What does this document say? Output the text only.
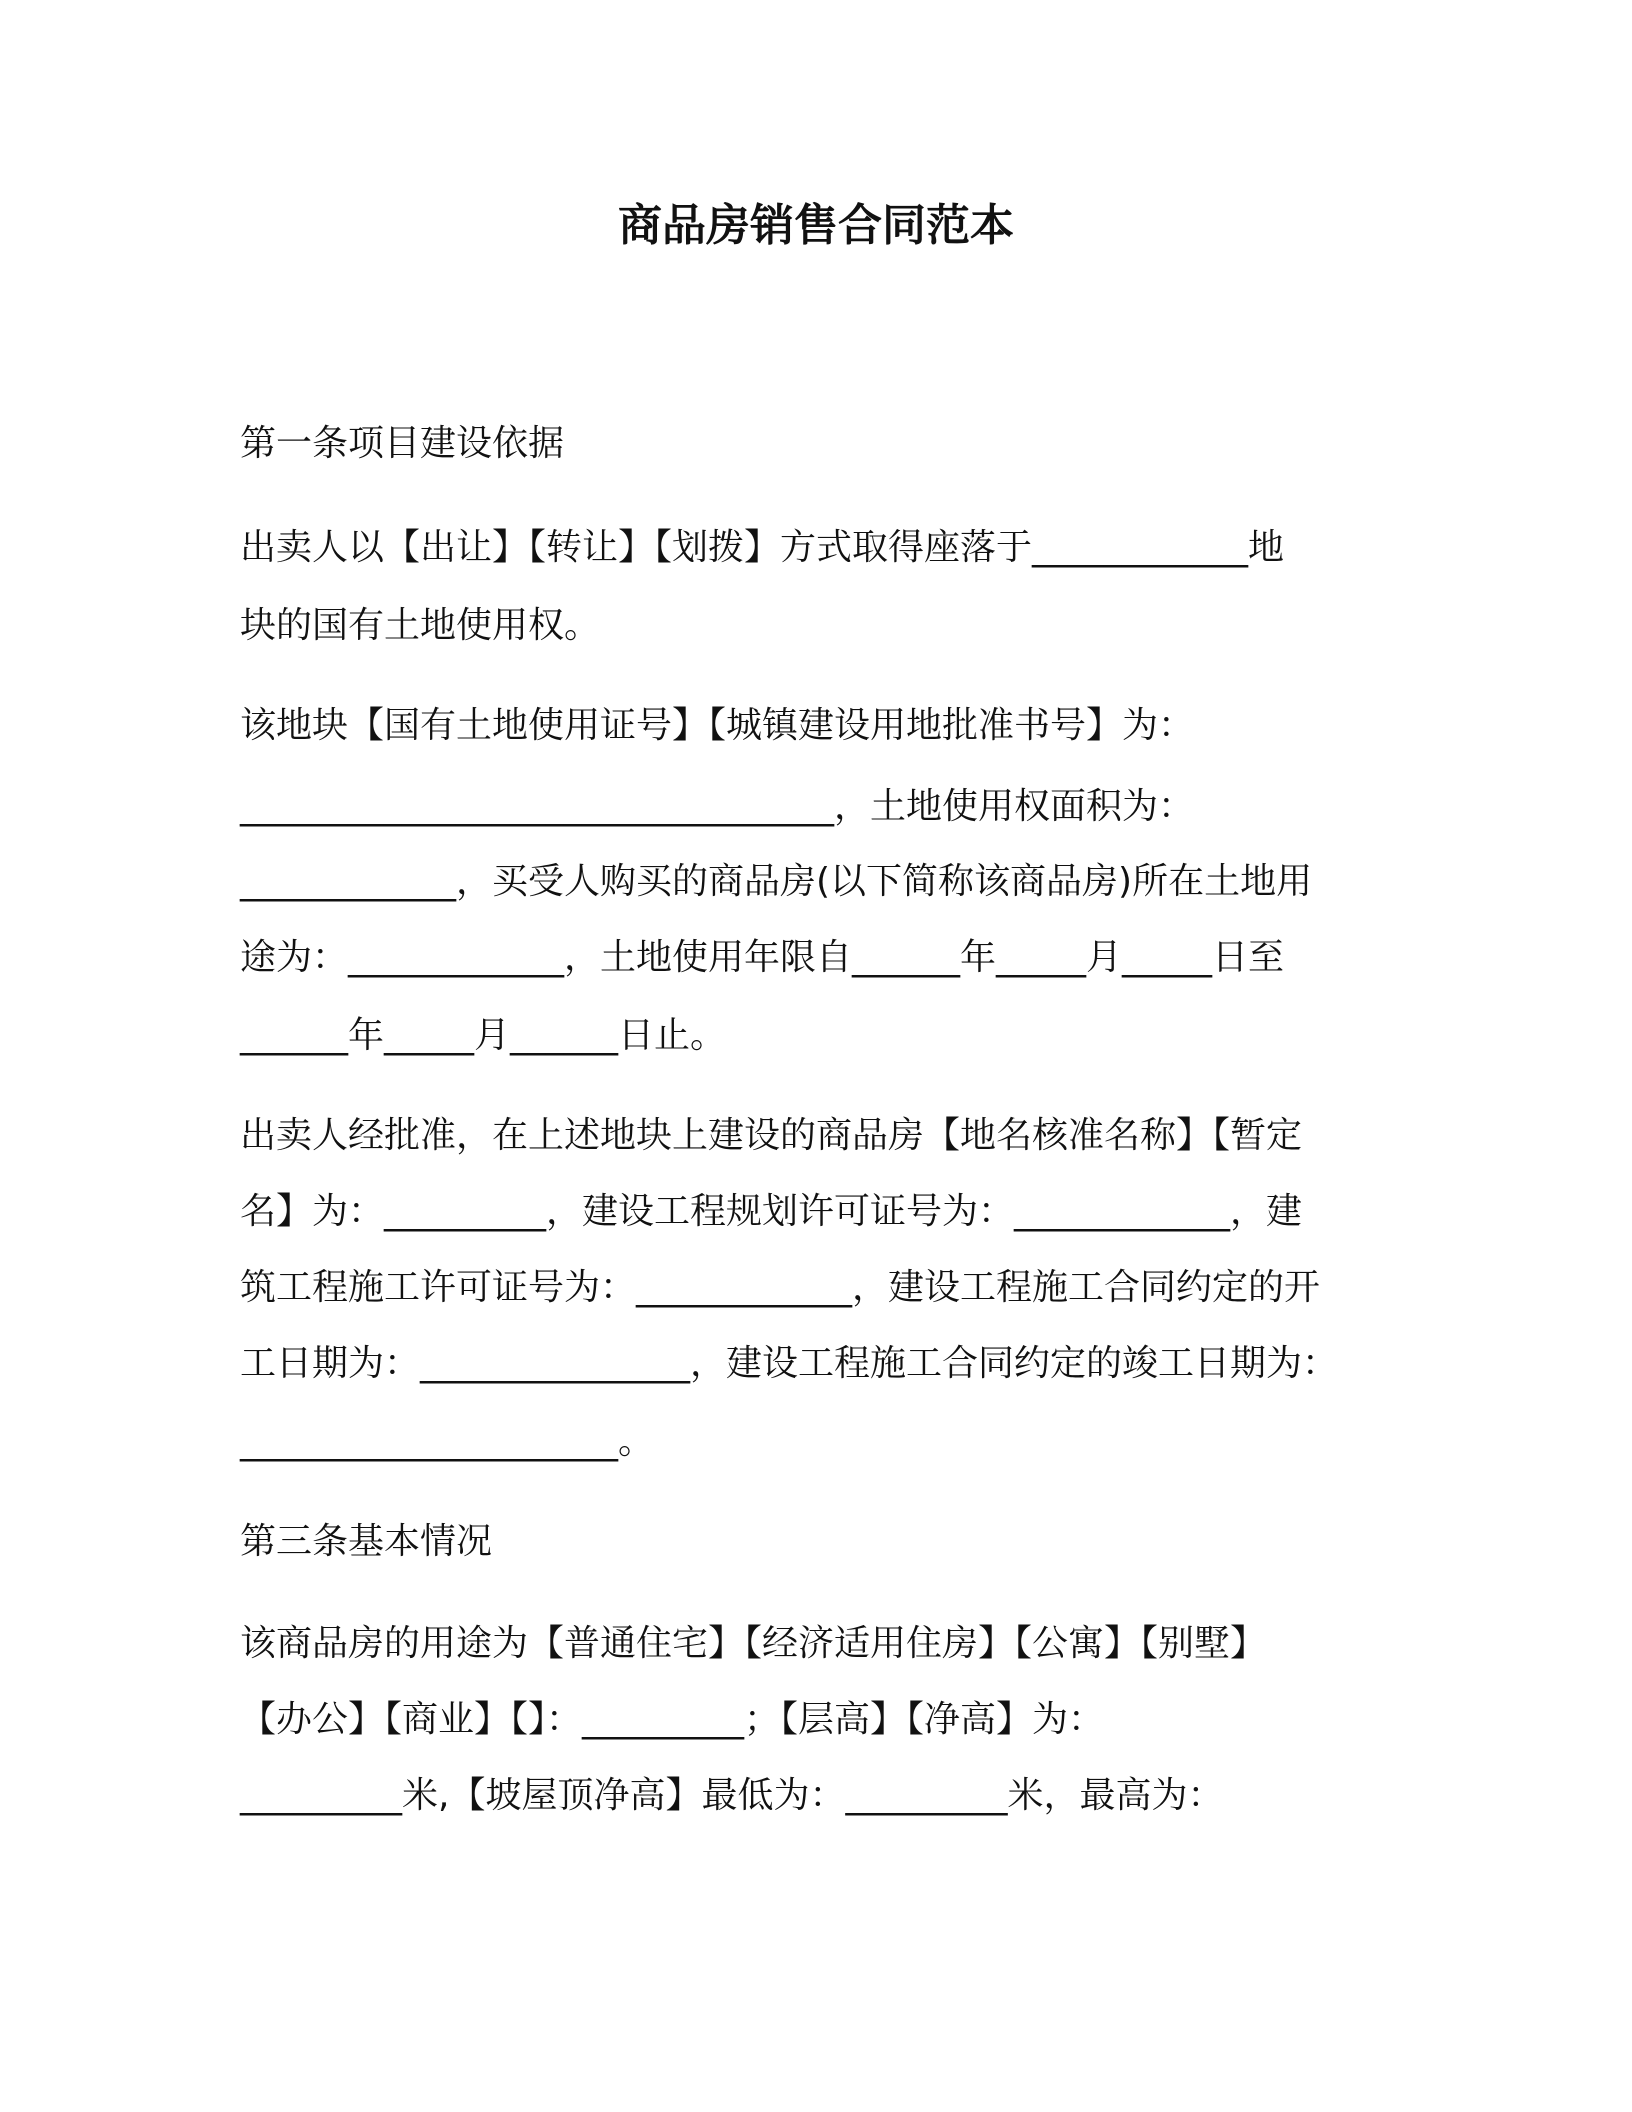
商品房销售合同范本
第一条项目建设依据
出卖人以【出让】【转让】【划拨】方式取得座落于____________地
块的国有土地使用权。
该地块【国有土地使用证号】【城镇建设用地批准书号】为：
_________________________________，土地使用权面积为：
____________，买受人购买的商品房(以下简称该商品房)所在土地用
途为：____________，土地使用年限自______年_____月_____日至
______年_____月______日止。
出卖人经批准，在上述地块上建设的商品房【地名核准名称】【暂定
名】为：_________，建设工程规划许可证号为：____________，建
筑工程施工许可证号为：____________，建设工程施工合同约定的开
工日期为：_______________，建设工程施工合同约定的竣工日期为：
_____________________。
第三条基本情况
该商品房的用途为【普通住宅】【经济适用住房】【公寓】【别墅】
【办公】【商业】【】：_________；【层高】【净高】为：
_________米,【坡屋顶净高】最低为：_________米，最高为：
